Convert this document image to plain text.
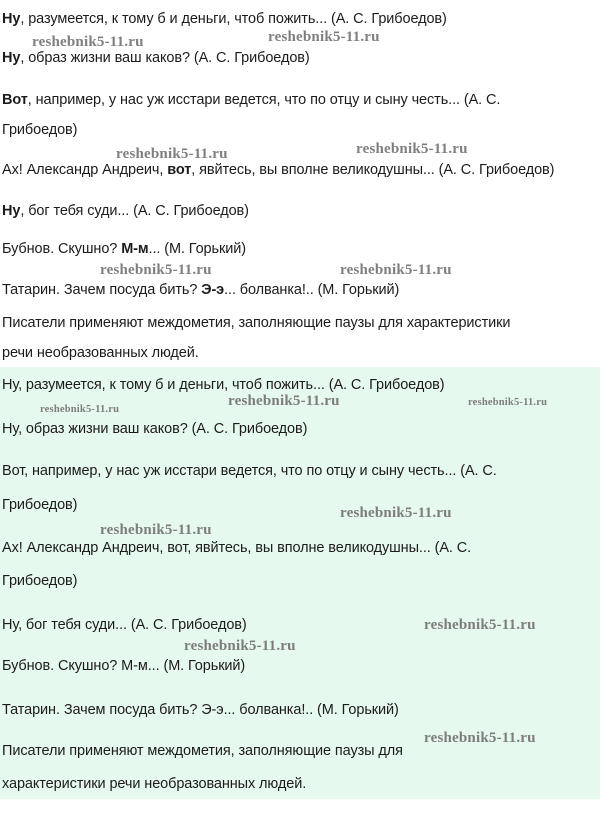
Ну, разумеется, к тому б и деньги, чтоб пожить... (А. С. Грибоедов)

Ну, образ жизни ваш каков? (А. С. Грибоедов)

Вот, например, у нас уж исстари ведется, что по отцу и сыну честь... (А. С.

Грибоедов)

Ах! Александр Андреич, вот, явйтесь, вы вполне великодушны... (А. С. Грибоедов)

Ну, бог тебя суди... (А. С. Грибоедов)

Бубнов. Скушно? М-м... (М. Горький)

Татарин. Зачем посуда бить? Э-э... болванка!.. (М. Горький)

Писатели применяют междометия, заполняющие паузы для характеристики

речи необразованных людей.

Ну, разумеется, к тому б и деньги, чтоб пожить... (А. С. Грибоедов)

Ну, образ жизни ваш каков? (А. С. Грибоедов)

Вот, например, у нас уж исстари ведется, что по отцу и сыну честь... (А. С.

Грибоедов)

Ах! Александр Андреич, вот, явйтесь, вы вполне великодушны... (А. С.

Грибоедов)

Ну, бог тебя суди... (А. С. Грибоедов)

Бубнов. Скушно? М-м... (М. Горький)

Татарин. Зачем посуда бить? Э-э... болванка!.. (М. Горький)

Писатели применяют междометия, заполняющие паузы для

характеристики речи необразованных людей.

reshebnik5-11.ru	reshebnik5-11.ru
reshebnik5-11.ru	reshebnik5-11.ru
reshebnik5-11.ru	reshebnik5-11.ru
reshebnik5-11.ru
reshebnik5-11.ru	reshebnik5-11.ru
reshebnik5-11.ru
reshebnik5-11.ru
reshebnik5-11.ru
reshebnik5-11.ru
reshebnik5-11.ru
